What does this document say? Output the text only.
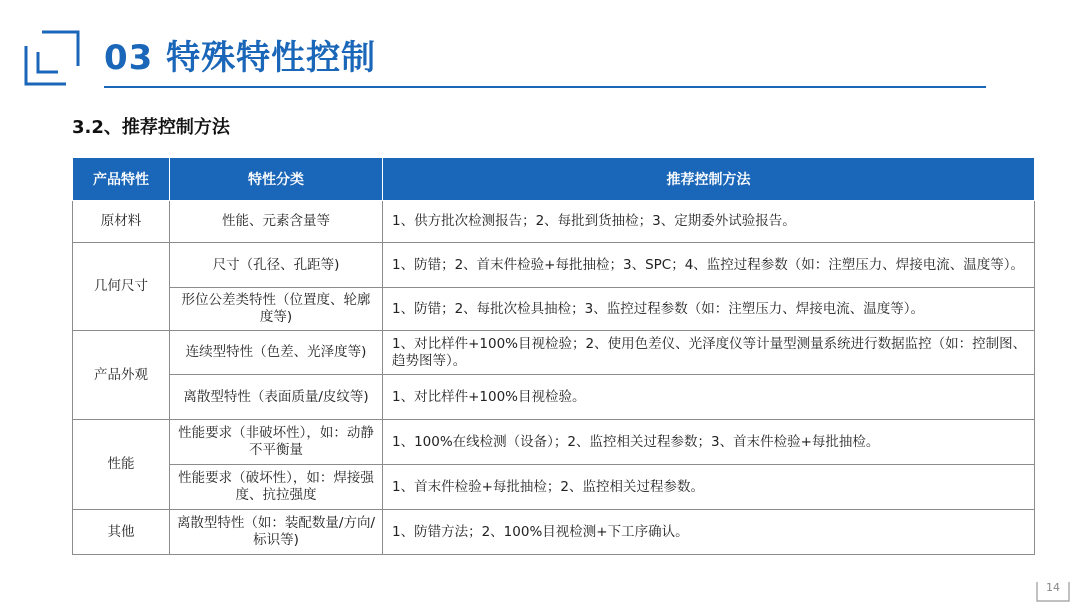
03 特殊特性控制
3.2、推荐控制方法
产品特性	特性分类	推荐控制方法
原材料	性能、元素含量等	1、供方批次检测报告；2、每批到货抽检；3、定期委外试验报告。
几何尺寸	尺寸（孔径、孔距等)	1、防错；2、首末件检验+每批抽检；3、SPC；4、监控过程参数（如：注塑压力、焊接电流、温度等）。
	形位公差类特性（位置度、轮廓度等)	1、防错；2、每批次检具抽检；3、监控过程参数（如：注塑压力、焊接电流、温度等）。
产品外观	连续型特性（色差、光泽度等)	1、对比样件+100%目视检验；2、使用色差仪、光泽度仪等计量型测量系统进行数据监控（如：控制图、趋势图等）。
	离散型特性（表面质量/皮纹等)	1、对比样件+100%目视检验。
性能	性能要求（非破坏性），如：动静不平衡量	1、100%在线检测（设备）；2、监控相关过程参数；3、首末件检验+每批抽检。
	性能要求（破坏性），如：焊接强度、抗拉强度	1、首末件检验+每批抽检；2、监控相关过程参数。
其他	离散型特性（如：装配数量/方向/标识等)	1、防错方法；2、100%目视检测+下工序确认。
14
